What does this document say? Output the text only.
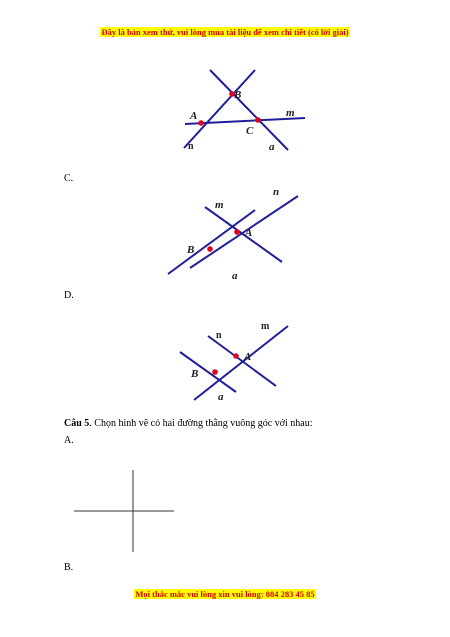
Đây là bản xem thử, vui lòng mua tài liệu để xem chi tiết (có lời giải)
B
A
C
m
n	a
C.
m
n
A
B
a
D.
n
m
A
B
a
Câu 5. Chọn hình vẽ có hai đường thẳng vuông góc với nhau:
A.
B.
Mọi thắc mắc vui lòng xin vui lòng: 084 283 45 85
